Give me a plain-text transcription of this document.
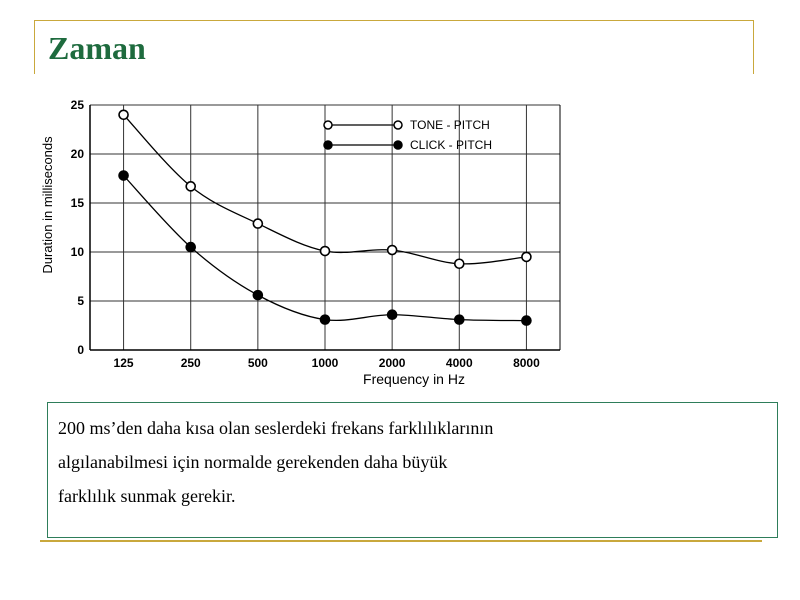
Zaman
0
5
10
15
20
25
125	250	500	1000	2000	4000	8000
TONE - PITCH
CLICK - PITCH
Duration in milliseconds
Frequency in Hz

200 ms’den daha kısa olan seslerdeki frekans farklılıklarının

algılanabilmesi için normalde gerekenden daha büyük

farklılık sunmak gerekir.
